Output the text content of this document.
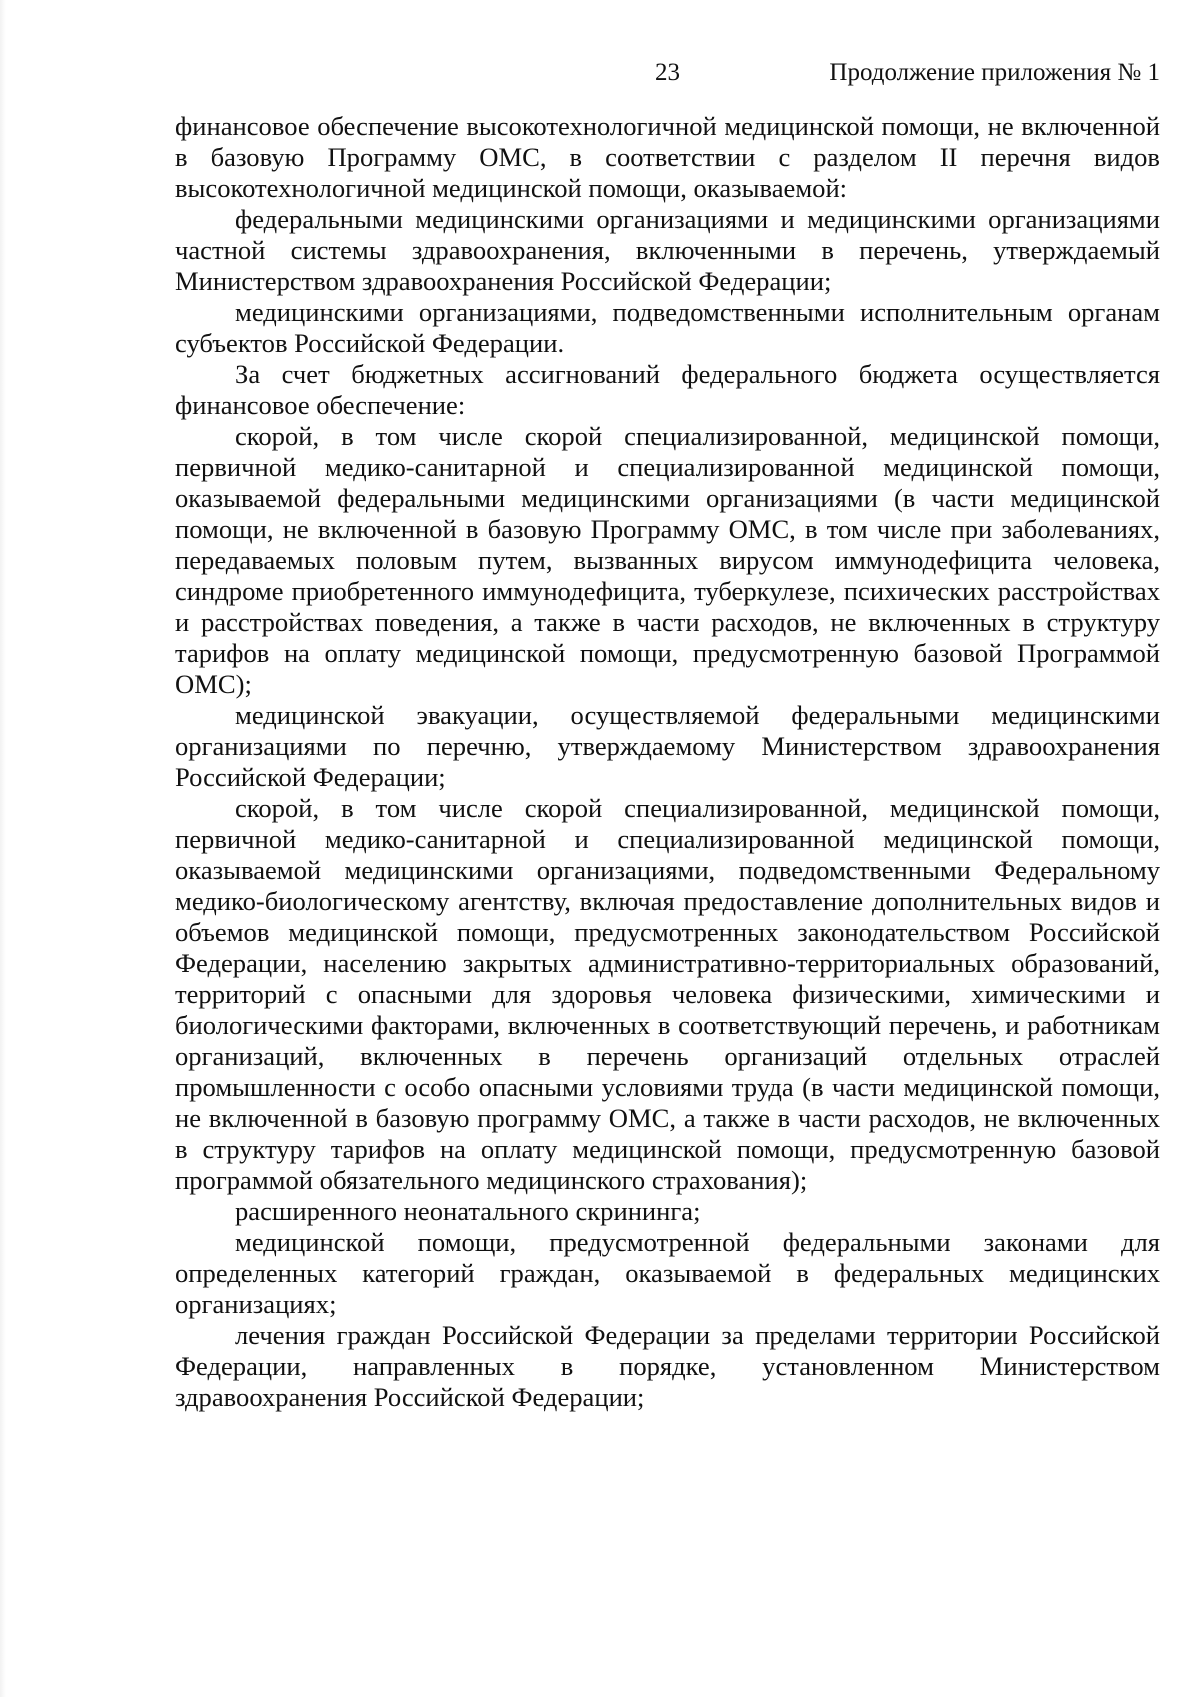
23	Продолжение приложения № 1

финансовое обеспечение высокотехнологичной медицинской помощи, не включенной в базовую Программу ОМС, в соответствии с разделом II перечня видов высокотехнологичной медицинской помощи, оказываемой:

федеральными медицинскими организациями и медицинскими организациями частной системы здравоохранения, включенными в перечень, утверждаемый Министерством здравоохранения Российской Федерации;

медицинскими организациями, подведомственными исполнительным органам субъектов Российской Федерации.

За счет бюджетных ассигнований федерального бюджета осуществляется финансовое обеспечение:

скорой, в том числе скорой специализированной, медицинской помощи, первичной медико-санитарной и специализированной медицинской помощи, оказываемой федеральными медицинскими организациями (в части медицинской помощи, не включенной в базовую Программу ОМС, в том числе при заболеваниях, передаваемых половым путем, вызванных вирусом иммунодефицита человека, синдроме приобретенного иммунодефицита, туберкулезе, психических расстройствах и расстройствах поведения, а также в части расходов, не включенных в структуру тарифов на оплату медицинской помощи, предусмотренную базовой Программой ОМС);

медицинской эвакуации, осуществляемой федеральными медицинскими организациями по перечню, утверждаемому Министерством здравоохранения Российской Федерации;

скорой, в том числе скорой специализированной, медицинской помощи, первичной медико-санитарной и специализированной медицинской помощи, оказываемой медицинскими организациями, подведомственными Федеральному медико-биологическому агентству, включая предоставление дополнительных видов и объемов медицинской помощи, предусмотренных законодательством Российской Федерации, населению закрытых административно-территориальных образований, территорий с опасными для здоровья человека физическими, химическими и биологическими факторами, включенных в соответствующий перечень, и работникам организаций, включенных в перечень организаций отдельных отраслей промышленности с особо опасными условиями труда (в части медицинской помощи, не включенной в базовую программу ОМС, а также в части расходов, не включенных в структуру тарифов на оплату медицинской помощи, предусмотренную базовой программой обязательного медицинского страхования);

расширенного неонатального скрининга;

медицинской помощи, предусмотренной федеральными законами для определенных категорий граждан, оказываемой в федеральных медицинских организациях;

лечения граждан Российской Федерации за пределами территории Российской Федерации, направленных в порядке, установленном Министерством здравоохранения Российской Федерации;
